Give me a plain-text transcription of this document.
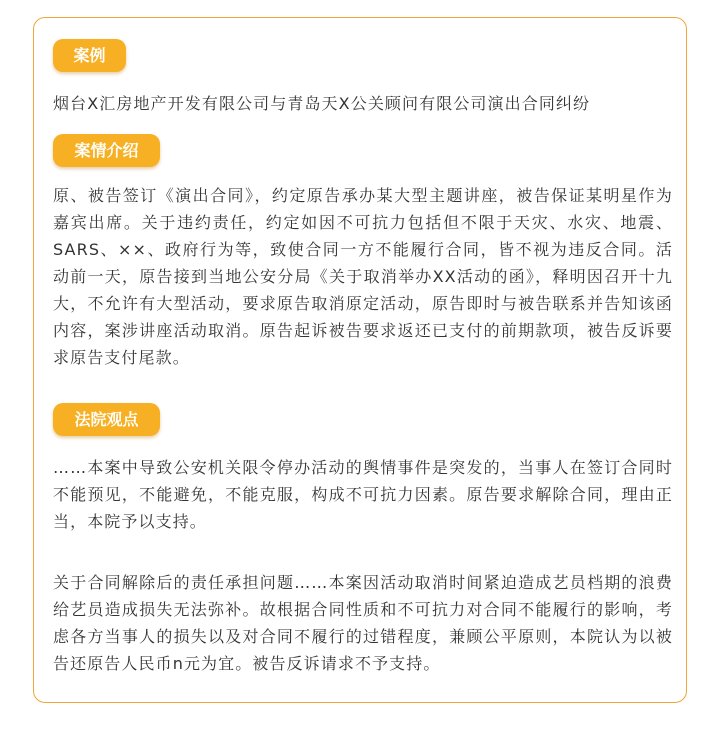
案例

烟台X汇房地产开发有限公司与青岛天X公关顾问有限公司演出合同纠纷

案情介绍

原、被告签订《演出合同》，约定原告承办某大型主题讲座，被告保证某明星作为嘉宾出席。关于违约责任，约定如因不可抗力包括但不限于天灾、水灾、地震、SARS、××、政府行为等，致使合同一方不能履行合同，皆不视为违反合同。活动前一天，原告接到当地公安分局《关于取消举办XX活动的函》，释明因召开十九大，不允许有大型活动，要求原告取消原定活动，原告即时与被告联系并告知该函内容，案涉讲座活动取消。原告起诉被告要求返还已支付的前期款项，被告反诉要求原告支付尾款。

法院观点

……本案中导致公安机关限令停办活动的舆情事件是突发的，当事人在签订合同时不能预见，不能避免，不能克服，构成不可抗力因素。原告要求解除合同，理由正当，本院予以支持。

关于合同解除后的责任承担问题……本案因活动取消时间紧迫造成艺员档期的浪费给艺员造成损失无法弥补。故根据合同性质和不可抗力对合同不能履行的影响，考虑各方当事人的损失以及对合同不履行的过错程度，兼顾公平原则，本院认为以被告还原告人民币n元为宜。被告反诉请求不予支持。
